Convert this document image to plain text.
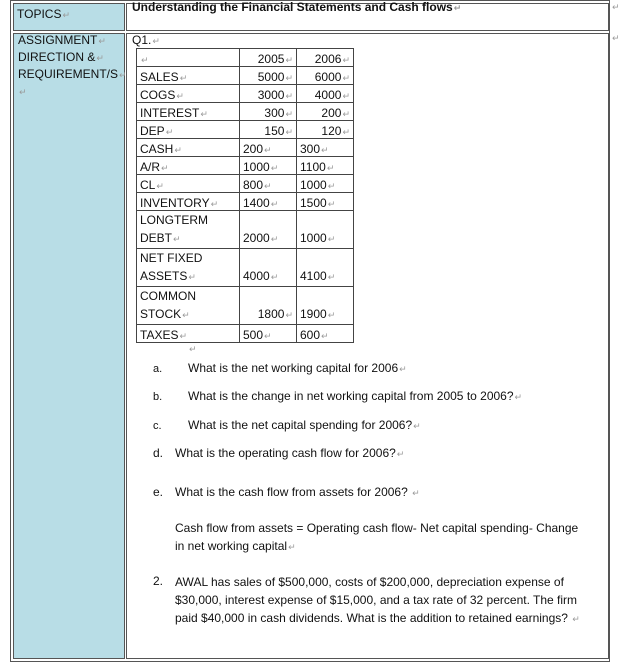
TOPICS↵
Understanding the Financial Statements and Cash flows↵	↵
↵
ASSIGNMENT↵
DIRECTION &↵
REQUIREMENT/S↵
↵
Q1.↵
↵	2005↵	2006↵
SALES↵	5000↵	6000↵
COGS↵	3000↵	4000↵
INTEREST↵	300↵	200↵
DEP↵	150↵	120↵
CASH↵	200↵	300↵
A/R↵	1000↵	1100↵
CL↵	800↵	1000↵
INVENTORY↵	1400↵	1500↵

LONGTERM
DEBT↵	2000↵	1000↵

NET FIXED
ASSETS↵	4000↵	4100↵

COMMON
STOCK↵	1800↵	1900↵
TAXES↵	500↵	600↵
↵
a. What is the net working capital for 2006↵
b. What is the change in net working capital from 2005 to 2006?↵
c. What is the net capital spending for 2006?↵
d. What is the operating cash flow for 2006?↵
e. What is the cash flow from assets for 2006? ↵
Cash flow from assets = Operating cash flow- Net capital spending- Change in net working capital↵
2. AWAL has sales of $500,000, costs of $200,000, depreciation expense of $30,000, interest expense of $15,000, and a tax rate of 32 percent. The firm paid $40,000 in cash dividends. What is the addition to retained earnings? ↵
